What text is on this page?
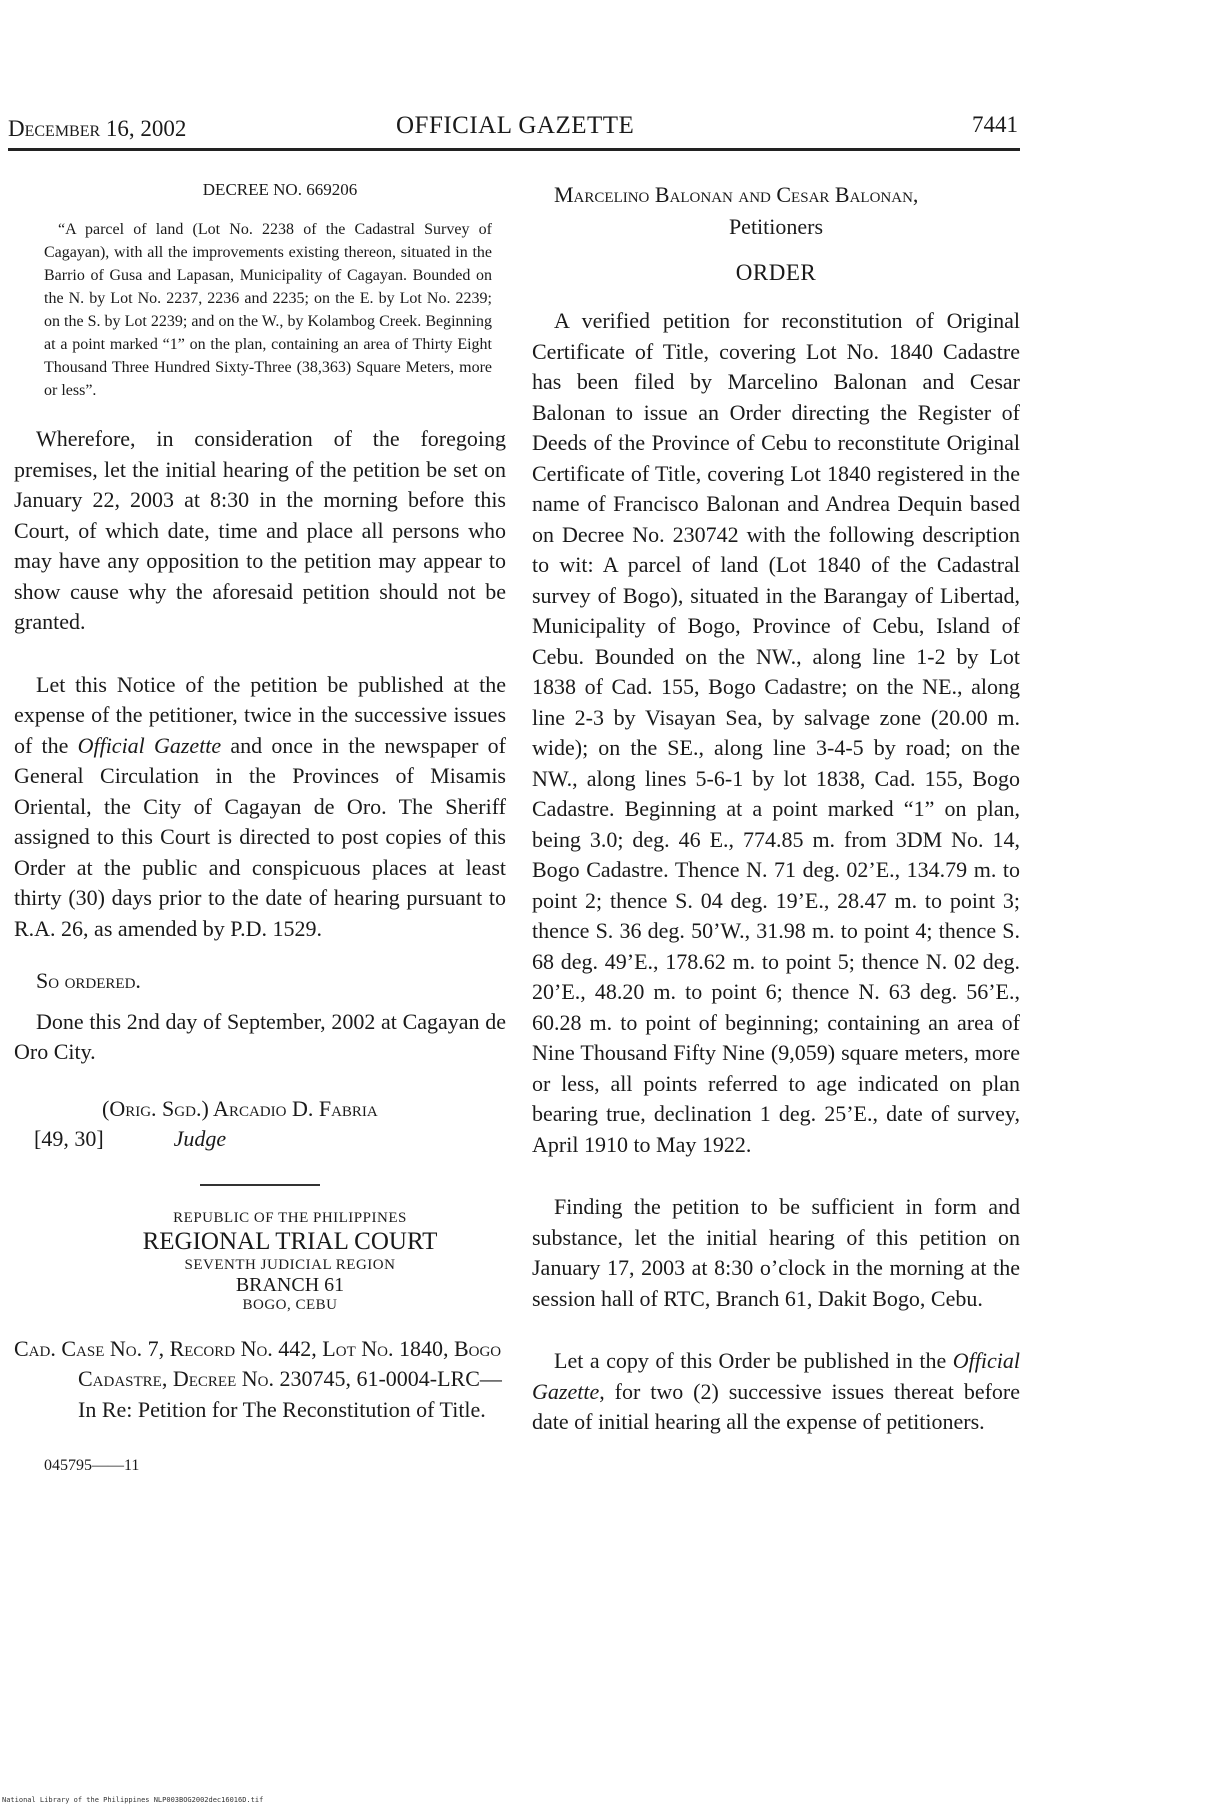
December 16, 2002	OFFICIAL GAZETTE	7441

DECREE NO. 669206

“A parcel of land (Lot No. 2238 of the Cadastral Survey of Cagayan), with all the improvements existing thereon, situated in the Barrio of Gusa and Lapasan, Municipality of Cagayan. Bounded on the N. by Lot No. 2237, 2236 and 2235; on the E. by Lot No. 2239; on the S. by Lot 2239; and on the W., by Kolambog Creek. Beginning at a point marked “1” on the plan, containing an area of Thirty Eight Thousand Three Hundred Sixty-Three (38,363) Square Meters, more or less”.

Wherefore, in consideration of the foregoing premises, let the initial hearing of the petition be set on January 22, 2003 at 8:30 in the morning before this Court, of which date, time and place all persons who may have any opposition to the petition may appear to show cause why the aforesaid petition should not be granted.

Let this Notice of the petition be published at the expense of the petitioner, twice in the successive issues of the Official Gazette and once in the newspaper of General Circulation in the Provinces of Misamis Oriental, the City of Cagayan de Oro. The Sheriff assigned to this Court is directed to post copies of this Order at the public and conspicuous places at least thirty (30) days prior to the date of hearing pursuant to R.A. 26, as amended by P.D. 1529.

So ordered.

Done this 2nd day of September, 2002 at Cagayan de Oro City.

(Orig. Sgd.) Arcadio D. Fabria
[49, 30]	Judge
REPUBLIC OF THE PHILIPPINES
REGIONAL TRIAL COURT
SEVENTH JUDICIAL REGION
BRANCH 61
BOGO, CEBU

Cad. Case No. 7, Record No. 442, Lot No. 1840, Bogo Cadastre, Decree No. 230745, 61-0004-LRC—In Re: Petition for The Reconstitution of Title.

045795——11

Marcelino Balonan and Cesar Balonan,

Petitioners

ORDER

A verified petition for reconstitution of Original Certificate of Title, covering Lot No. 1840 Cadastre has been filed by Marcelino Balonan and Cesar Balonan to issue an Order directing the Register of Deeds of the Province of Cebu to reconstitute Original Certificate of Title, covering Lot 1840 registered in the name of Francisco Balonan and Andrea Dequin based on Decree No. 230742 with the following description to wit: A parcel of land (Lot 1840 of the Cadastral survey of Bogo), situated in the Barangay of Libertad, Municipality of Bogo, Province of Cebu, Island of Cebu. Bounded on the NW., along line 1-2 by Lot 1838 of Cad. 155, Bogo Cadastre; on the NE., along line 2-3 by Visayan Sea, by salvage zone (20.00 m. wide); on the SE., along line 3-4-5 by road; on the NW., along lines 5-6-1 by lot 1838, Cad. 155, Bogo Cadastre. Beginning at a point marked “1” on plan, being 3.0; deg. 46 E., 774.85 m. from 3DM No. 14, Bogo Cadastre. Thence N. 71 deg. 02’E., 134.79 m. to point 2; thence S. 04 deg. 19’E., 28.47 m. to point 3; thence S. 36 deg. 50’W., 31.98 m. to point 4; thence S. 68 deg. 49’E., 178.62 m. to point 5; thence N. 02 deg. 20’E., 48.20 m. to point 6; thence N. 63 deg. 56’E., 60.28 m. to point of beginning; containing an area of Nine Thousand Fifty Nine (9,059) square meters, more or less, all points referred to age indicated on plan bearing true, declination 1 deg. 25’E., date of survey, April 1910 to May 1922.

Finding the petition to be sufficient in form and substance, let the initial hearing of this petition on January 17, 2003 at 8:30 o’clock in the morning at the session hall of RTC, Branch 61, Dakit Bogo, Cebu.

Let a copy of this Order be published in the Official Gazette, for two (2) successive issues thereat before date of initial hearing all the expense of petitioners.

National Library of the Philippines NLP003BOG2002dec16016D.tif
